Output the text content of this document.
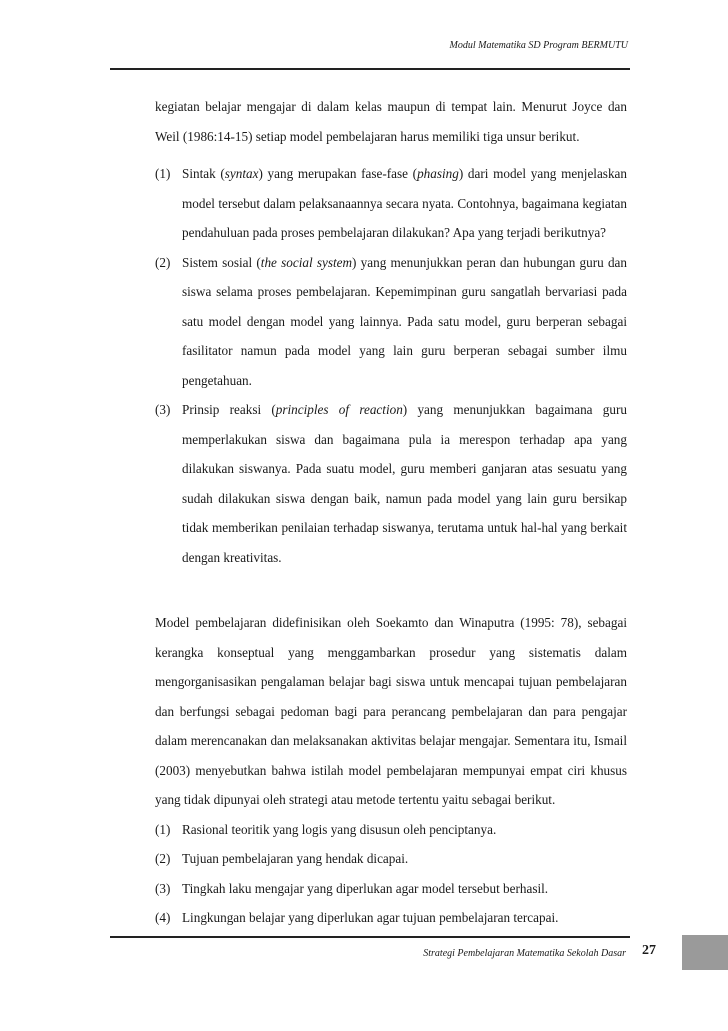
Modul Matematika SD Program BERMUTU

kegiatan belajar mengajar di dalam kelas maupun di tempat lain. Menurut Joyce dan Weil (1986:14-15) setiap model pembelajaran harus memiliki tiga unsur berikut.

(1) Sintak (syntax) yang merupakan fase-fase (phasing) dari model yang menjelaskan model tersebut dalam pelaksanaannya secara nyata. Contohnya, bagaimana kegiatan pendahuluan pada proses pembelajaran dilakukan? Apa yang terjadi berikutnya?
(2) Sistem sosial (the social system) yang menunjukkan peran dan hubungan guru dan siswa selama proses pembelajaran. Kepemimpinan guru sangatlah bervariasi pada satu model dengan model yang lainnya. Pada satu model, guru berperan sebagai fasilitator namun pada model yang lain guru berperan sebagai sumber ilmu pengetahuan.
(3) Prinsip reaksi (principles of reaction) yang menunjukkan bagaimana guru memperlakukan siswa dan bagaimana pula ia merespon terhadap apa yang dilakukan siswanya. Pada suatu model, guru memberi ganjaran atas sesuatu yang sudah dilakukan siswa dengan baik, namun pada model yang lain guru bersikap tidak memberikan penilaian terhadap siswanya, terutama untuk hal-hal yang berkait dengan kreativitas.

Model pembelajaran didefinisikan oleh Soekamto dan Winaputra (1995: 78), sebagai kerangka konseptual yang menggambarkan prosedur yang sistematis dalam mengorganisasikan pengalaman belajar bagi siswa untuk mencapai tujuan pembelajaran dan berfungsi sebagai pedoman bagi para perancang pembelajaran dan para pengajar dalam merencanakan dan melaksanakan aktivitas belajar mengajar. Sementara itu, Ismail (2003) menyebutkan bahwa istilah model pembelajaran mempunyai empat ciri khusus yang tidak dipunyai oleh strategi atau metode tertentu yaitu sebagai berikut.

(1) Rasional teoritik yang logis yang disusun oleh penciptanya.
(2) Tujuan pembelajaran yang hendak dicapai.
(3) Tingkah laku mengajar yang diperlukan agar model tersebut berhasil.
(4) Lingkungan belajar yang diperlukan agar tujuan pembelajaran tercapai.
Strategi Pembelajaran Matematika Sekolah Dasar 27
